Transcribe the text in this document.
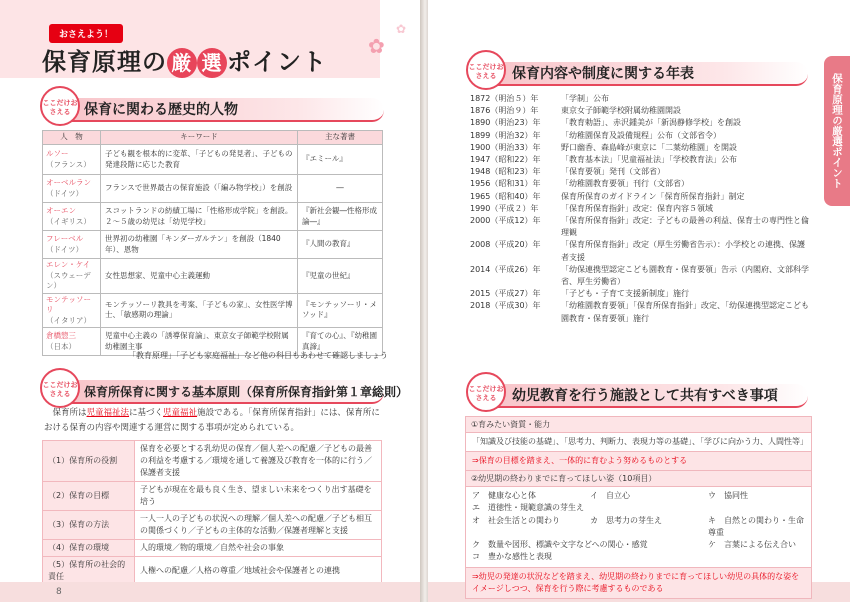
おさえよう！
保育原理の 厳 選 ポイント
✿
✿
ここだけおさえる 保育に関わる歴史的人物
人　物	キーワード	主な著書
ルソー
（フランス）	子ども観を根本的に変革、「子どもの発見者」、子どもの発達段階に応じた教育	『エミール』
オーベルラン
（ドイツ）	フランスで世界最古の保育施設（「編み物学校」）を創設	―
オーエン
（イギリス）	スコットランドの紡績工場に「性格形成学院」を創設。２～５歳の幼児は「幼児学校」	『新社会観―性格形成論―』
フレーベル
（ドイツ）	世界初の幼稚園「キンダーガルテン」を創設（1840年）、恩物	『人間の教育』
エレン・ケイ
（スウェーデン）	女性思想家、児童中心主義運動	『児童の世紀』
モンテッソーリ
（イタリア）	モンテッソーリ教具を考案、「子どもの家」、女性医学博士、「敏感期の理論」	『モンテッソーリ・メソッド』
倉橋惣三
（日本）	児童中心主義の「誘導保育論」、東京女子師範学校附属幼稚園主事	『育ての心』、『幼稚園真諦』
「教育原理」「子ども家庭福祉」など他の科目もあわせて確認しましょう
ここだけおさえる	保育所保育に関する基本原則（保育所保育指針第１章総則）
保育所は児童福祉法に基づく児童福祉施設である。「保育所保育指針」には、保育所における保育の内容や関連する運営に関する事項が定められている。
（1）保育所の役割	保育を必要とする乳幼児の保育／個人差への配慮／子どもの最善の利益を考慮する／環境を通して養護及び教育を一体的に行う／保護者支援
（2）保育の目標	子どもが現在を最も良く生き、望ましい未来をつくり出す基礎を培う
（3）保育の方法	一人一人の子どもの状況への理解／個人差への配慮／子ども相互の関係づくり／子どもの主体的な活動／保護者理解と支援
（4）保育の環境	人的環境／物的環境／自然や社会の事象
（5）保育所の社会的責任	人権への配慮／人格の尊重／地域社会や保護者との連携
8
ここだけおさえる	保育内容や制度に関する年表
1872（明治５）年	「学制」公布
1876（明治９）年	東京女子師範学校附属幼稚園開設
1890（明治23）年	「教育勅語」、赤沢鍾美が「新潟静修学校」を創設
1899（明治32）年	「幼稚園保育及設備規程」公布（文部省令）
1900（明治33）年	野口幽香、森島峰が東京に「二葉幼稚園」を開設
1947（昭和22）年	「教育基本法」「児童福祉法」「学校教育法」公布
1948（昭和23）年	「保育要領」発刊（文部省）
1956（昭和31）年	「幼稚園教育要領」刊行（文部省）
1965（昭和40）年	保育所保育のガイドライン「保育所保育指針」制定
1990（平成２）年	「保育所保育指針」改定：保育内容５領域
2000（平成12）年	「保育所保育指針」改定：子どもの最善の利益、保育士の専門性と倫理観
2008（平成20）年	「保育所保育指針」改定（厚生労働省告示）：小学校との連携、保護者支援
2014（平成26）年	「幼保連携型認定こども園教育・保育要領」告示（内閣府、文部科学省、厚生労働省）
2015（平成27）年	「子ども・子育て支援新制度」施行
2018（平成30）年	「幼稚園教育要領」「保育所保育指針」改定、「幼保連携型認定こども園教育・保育要領」施行
ここだけおさえる	幼児教育を行う施設として共有すべき事項
①育みたい資質・能力
「知識及び技能の基礎」、「思考力、判断力、表現力等の基礎」、「学びに向かう力、人間性等」
⇒保育の目標を踏まえ、一体的に育むよう努めるものとする
②幼児期の終わりまでに育ってほしい姿（10項目）
ア　健康な心と体	イ　自立心	ウ　協同性
エ　道徳性・規範意識の芽生え
オ　社会生活との関わり	カ　思考力の芽生え	キ　自然との関わり・生命尊重
ク　数量や図形、標識や文字などへの関心・感覚	ケ　言葉による伝え合い
コ　豊かな感性と表現
⇒幼児の発達の状況などを踏まえ、幼児期の終わりまでに育ってほしい幼児の具体的な姿をイメージしつつ、保育を行う際に考慮するものである
保育原理の厳選ポイント
